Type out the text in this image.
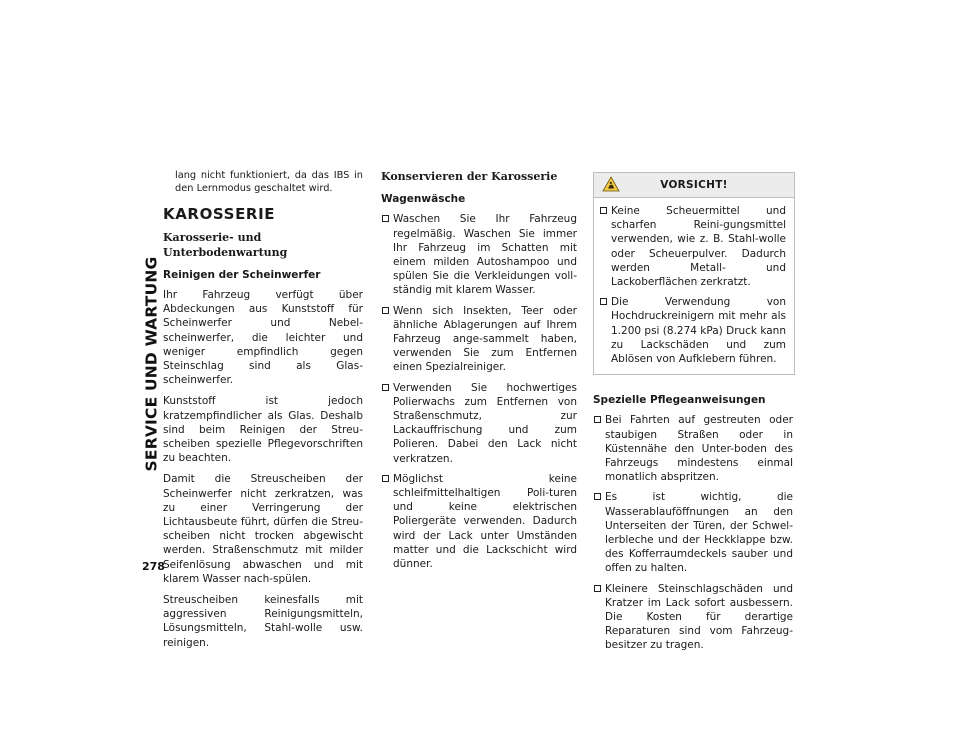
SERVICE UND WARTUNG
278

lang nicht funktioniert, da das IBS in den Lernmodus geschaltet wird.

KAROSSERIE
Karosserie- und Unterbodenwartung
Reinigen der Scheinwerfer

Ihr Fahrzeug verfügt über Abdeckungen aus Kunststoff für Scheinwerfer und Nebel-scheinwerfer, die leichter und weniger empfindlich gegen Steinschlag sind als Glas-scheinwerfer.

Kunststoff ist jedoch kratzempfindlicher als Glas. Deshalb sind beim Reinigen der Streu-scheiben spezielle Pflegevorschriften zu beachten.

Damit die Streuscheiben der Scheinwerfer nicht zerkratzen, was zu einer Verringerung der Lichtausbeute führt, dürfen die Streu-scheiben nicht trocken abgewischt werden. Straßenschmutz mit milder Seifenlösung abwaschen und mit klarem Wasser nach-spülen.

Streuscheiben keinesfalls mit aggressiven Reinigungsmitteln, Lösungsmitteln, Stahl-wolle usw. reinigen.

Konservieren der Karosserie
Wagenwäsche
Waschen Sie Ihr Fahrzeug regelmäßig. Waschen Sie immer Ihr Fahrzeug im Schatten mit einem milden Autoshampoo und spülen Sie die Verkleidungen voll-ständig mit klarem Wasser.
Wenn sich Insekten, Teer oder ähnliche Ablagerungen auf Ihrem Fahrzeug ange-sammelt haben, verwenden Sie zum Entfernen einen Spezialreiniger.
Verwenden Sie hochwertiges Polierwachs zum Entfernen von Straßenschmutz, zur Lackauffrischung und zum Polieren. Dabei den Lack nicht verkratzen.
Möglichst keine schleifmittelhaltigen Poli-turen und keine elektrischen Poliergeräte verwenden. Dadurch wird der Lack unter Umständen matter und die Lackschicht wird dünner.
VORSICHT!
Keine Scheuermittel und scharfen Reini-gungsmittel verwenden, wie z. B. Stahl-wolle oder Scheuerpulver. Dadurch werden Metall- und Lackoberflächen zerkratzt.
Die Verwendung von Hochdruckreinigern mit mehr als 1.200 psi (8.274 kPa) Druck kann zu Lackschäden und zum Ablösen von Aufklebern führen.
Spezielle Pflegeanweisungen
Bei Fahrten auf gestreuten oder staubigen Straßen oder in Küstennähe den Unter-boden des Fahrzeugs mindestens einmal monatlich abspritzen.
Es ist wichtig, die Wasserablauföffnungen an den Unterseiten der Türen, der Schwel-lerbleche und der Heckklappe bzw. des Kofferraumdeckels sauber und offen zu halten.
Kleinere Steinschlagschäden und Kratzer im Lack sofort ausbessern. Die Kosten für derartige Reparaturen sind vom Fahrzeug-besitzer zu tragen.
